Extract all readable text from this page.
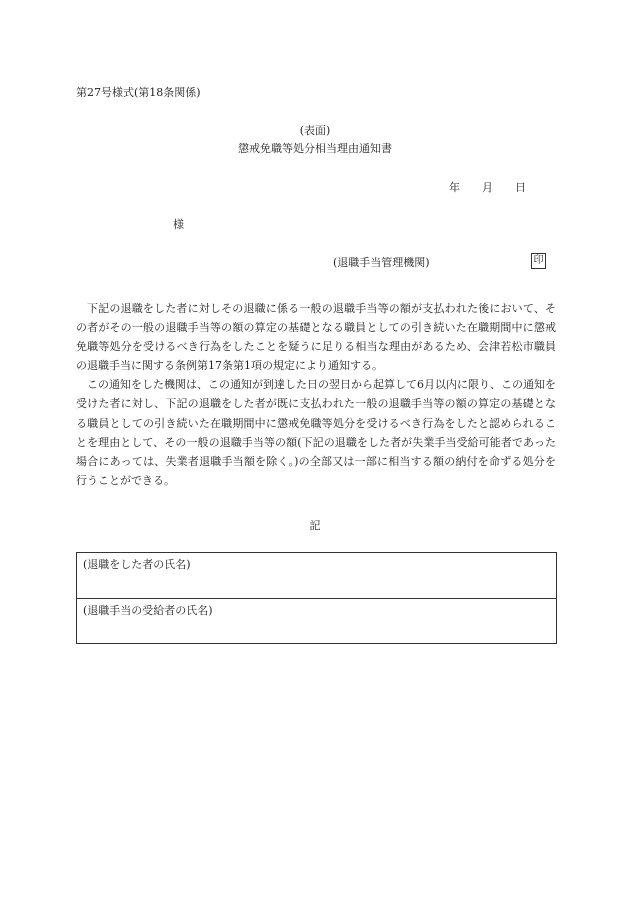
第27号様式(第18条関係)
(表面)
懲戒免職等処分相当理由通知書
年 月 日
様
(退職手当管理機関)	印

下記の退職をした者に対しその退職に係る一般の退職手当等の額が支払われた後において、その者がその一般の退職手当等の額の算定の基礎となる職員としての引き続いた在職期間中に懲戒免職等処分を受けるべき行為をしたことを疑うに足りる相当な理由があるため、会津若松市職員の退職手当に関する条例第17条第1項の規定により通知する。

この通知をした機関は、この通知が到達した日の翌日から起算して6月以内に限り、この通知を受けた者に対し、下記の退職をした者が既に支払われた一般の退職手当等の額の算定の基礎となる職員としての引き続いた在職期間中に懲戒免職等処分を受けるべき行為をしたと認められることを理由として、その一般の退職手当等の額(下記の退職をした者が失業手当受給可能者であった場合にあっては、失業者退職手当額を除く。)の全部又は一部に相当する額の納付を命ずる処分を行うことができる。

記
(退職をした者の氏名)
(退職手当の受給者の氏名)
